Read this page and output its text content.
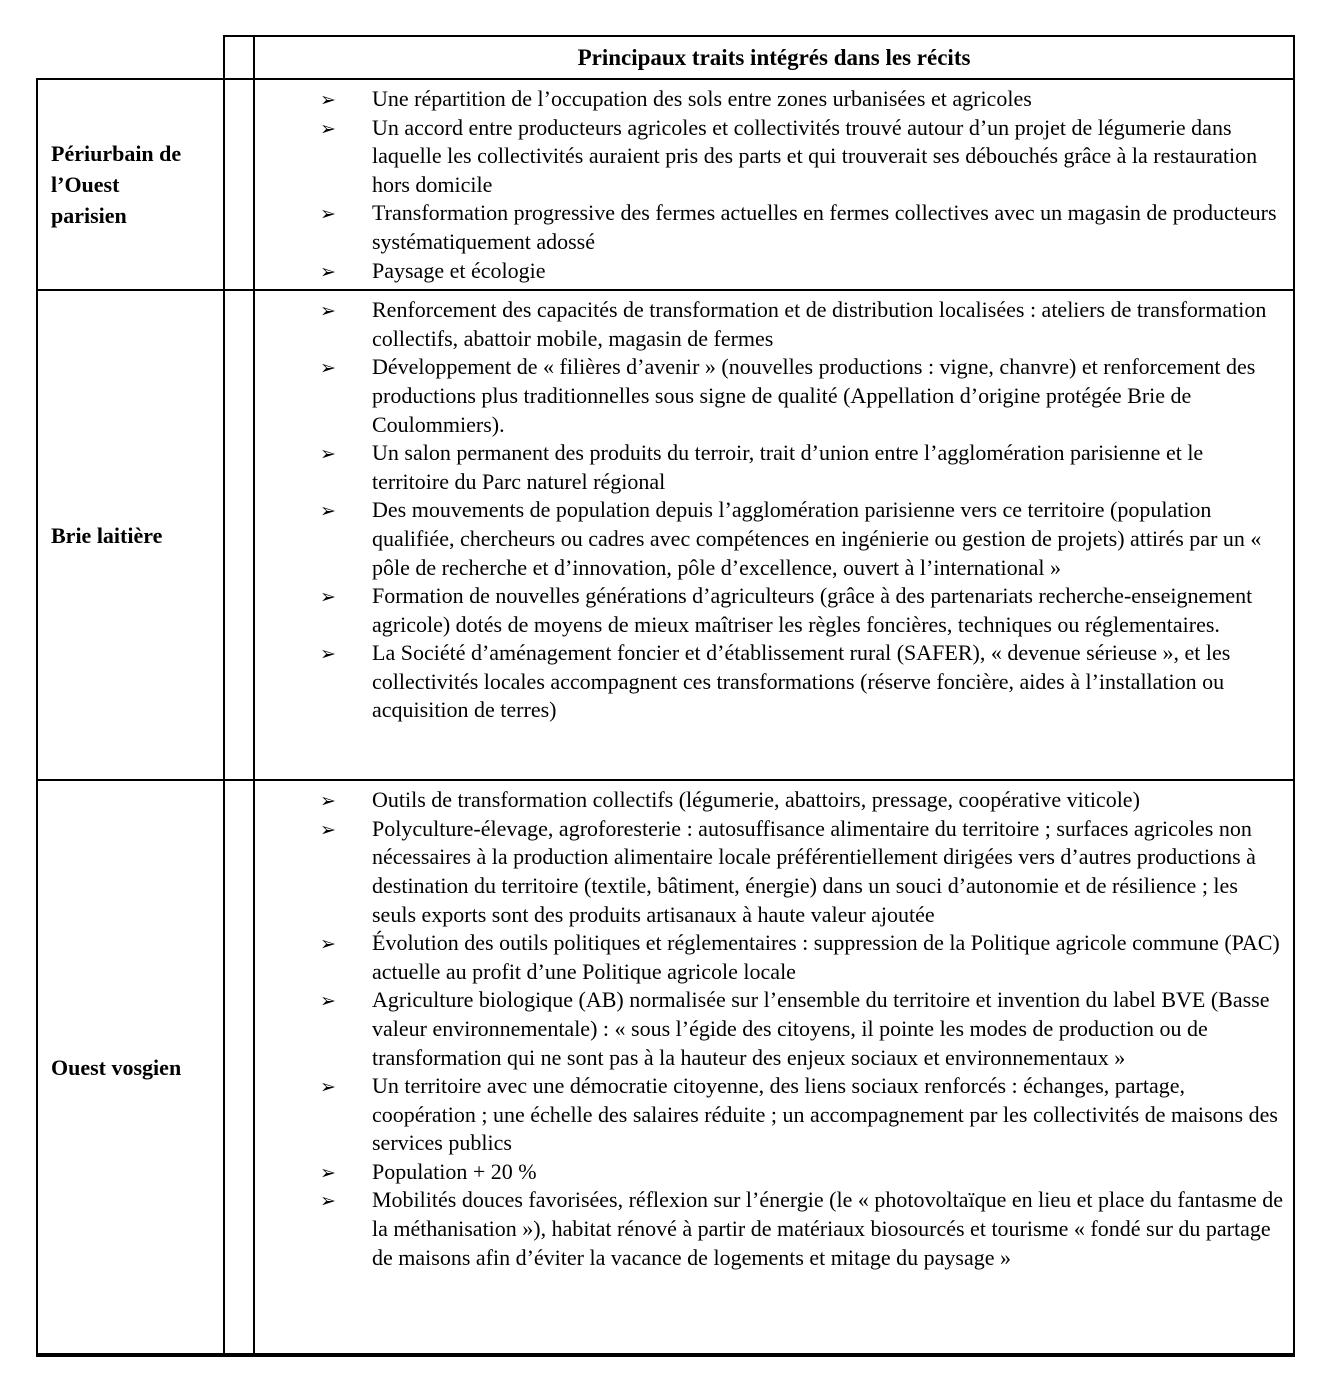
		Principaux traits intégrés dans les récits
Périurbain de l’Ouest parisien		
➢ Une répartition de l’occupation des sols entre zones urbanisées et agricoles
➢ Un accord entre producteurs agricoles et collectivités trouvé autour d’un projet de légumerie dans laquelle les collectivités auraient pris des parts et qui trouverait ses débouchés grâce à la restauration hors domicile
➢ Transformation progressive des fermes actuelles en fermes collectives avec un magasin de producteurs systématiquement adossé
➢ Paysage et écologie

Brie laitière		
➢ Renforcement des capacités de transformation et de distribution localisées : ateliers de transformation collectifs, abattoir mobile, magasin de fermes
➢ Développement de « filières d’avenir » (nouvelles productions : vigne, chanvre) et renforcement des productions plus traditionnelles sous signe de qualité (Appellation d’origine protégée Brie de Coulommiers).
➢ Un salon permanent des produits du terroir, trait d’union entre l’agglomération parisienne et le territoire du Parc naturel régional
➢ Des mouvements de population depuis l’agglomération parisienne vers ce territoire (population qualifiée, chercheurs ou cadres avec compétences en ingénierie ou gestion de projets) attirés par un « pôle de recherche et d’innovation, pôle d’excellence, ouvert à l’international »
➢ Formation de nouvelles générations d’agriculteurs (grâce à des partenariats recherche-enseignement agricole) dotés de moyens de mieux maîtriser les règles foncières, techniques ou réglementaires.
➢ La Société d’aménagement foncier et d’établissement rural (SAFER), « devenue sérieuse », et les collectivités locales accompagnent ces transformations (réserve foncière, aides à l’installation ou acquisition de terres)

Ouest vosgien		
➢ Outils de transformation collectifs (légumerie, abattoirs, pressage, coopérative viticole)
➢ Polyculture-élevage, agroforesterie : autosuffisance alimentaire du territoire ; surfaces agricoles non nécessaires à la production alimentaire locale préférentiellement dirigées vers d’autres productions à destination du territoire (textile, bâtiment, énergie) dans un souci d’autonomie et de résilience ; les seuls exports sont des produits artisanaux à haute valeur ajoutée
➢ Évolution des outils politiques et réglementaires : suppression de la Politique agricole commune (PAC) actuelle au profit d’une Politique agricole locale
➢ Agriculture biologique (AB) normalisée sur l’ensemble du territoire et invention du label BVE (Basse valeur environnementale) : « sous l’égide des citoyens, il pointe les modes de production ou de transformation qui ne sont pas à la hauteur des enjeux sociaux et environnementaux »
➢ Un territoire avec une démocratie citoyenne, des liens sociaux renforcés : échanges, partage, coopération ; une échelle des salaires réduite ; un accompagnement par les collectivités de maisons des services publics
➢ Population + 20 %
➢ Mobilités douces favorisées, réflexion sur l’énergie (le « photovoltaïque en lieu et place du fantasme de la méthanisation »), habitat rénové à partir de matériaux biosourcés et tourisme « fondé sur du partage de maisons afin d’éviter la vacance de logements et mitage du paysage »
